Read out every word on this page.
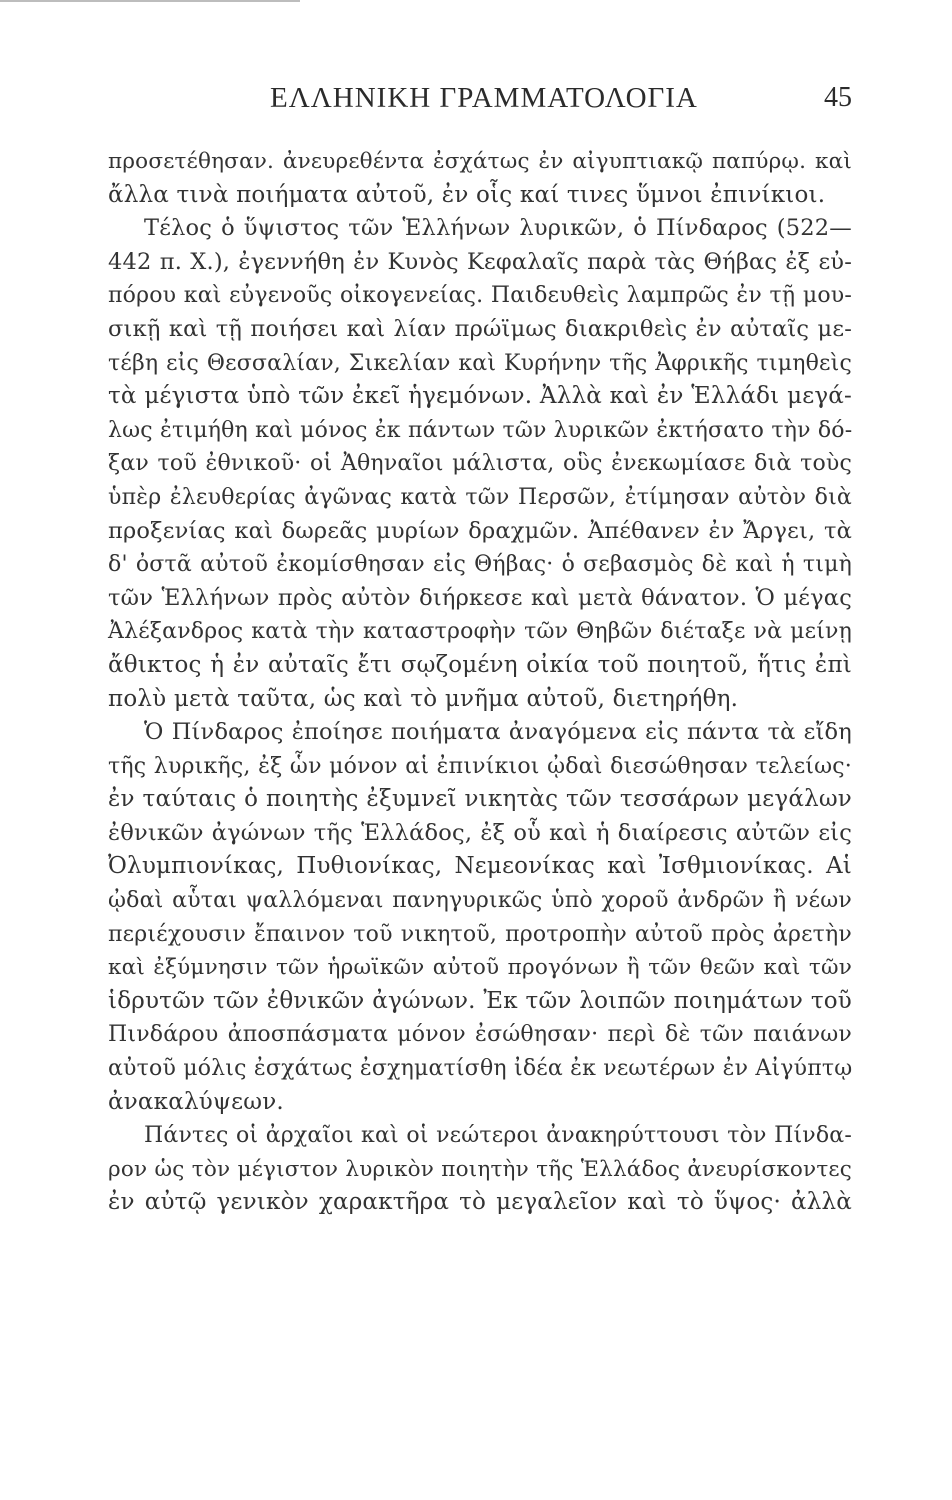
ΕΛΛΗΝΙΚΗ ΓΡΑΜΜΑΤΟΛΟΓΙΑ	45
προσετέθησαν. ἀνευρεθέντα ἐσχάτως ἐν αἰγυπτιακῷ παπύρῳ. καὶ
ἄλλα τινὰ ποιήματα αὐτοῦ, ἐν οἷς καί τινες ὕμνοι ἐπινίκιοι.
Τέλος ὁ ὕψιστος τῶν Ἑλλήνων λυρικῶν, ὁ Πίνδαρος (522—
442 π. Χ.), ἐγεννήθη ἐν Κυνὸς Κεφαλαῖς παρὰ τὰς Θήβας ἐξ εὐ-
πόρου καὶ εὐγενοῦς οἰκογενείας. Παιδευθεὶς λαμπρῶς ἐν τῇ μου-
σικῇ καὶ τῇ ποιήσει καὶ λίαν πρώϊμως διακριθεὶς ἐν αὐταῖς με-
τέβη εἰς Θεσσαλίαν, Σικελίαν καὶ Κυρήνην τῆς Ἀφρικῆς τιμηθεὶς
τὰ μέγιστα ὑπὸ τῶν ἐκεῖ ἡγεμόνων. Ἀλλὰ καὶ ἐν Ἑλλάδι μεγά-
λως ἐτιμήθη καὶ μόνος ἐκ πάντων τῶν λυρικῶν ἐκτήσατο τὴν δό-
ξαν τοῦ ἐθνικοῦ· οἱ Ἀθηναῖοι μάλιστα, οὓς ἐνεκωμίασε διὰ τοὺς
ὑπὲρ ἐλευθερίας ἀγῶνας κατὰ τῶν Περσῶν, ἐτίμησαν αὐτὸν διὰ
προξενίας καὶ δωρεᾶς μυρίων δραχμῶν. Ἀπέθανεν ἐν Ἄργει, τὰ
δ' ὀστᾶ αὐτοῦ ἐκομίσθησαν εἰς Θήβας· ὁ σεβασμὸς δὲ καὶ ἡ τιμὴ
τῶν Ἑλλήνων πρὸς αὐτὸν διήρκεσε καὶ μετὰ θάνατον. Ὁ μέγας
Ἀλέξανδρος κατὰ τὴν καταστροφὴν τῶν Θηβῶν διέταξε νὰ μείνῃ
ἄθικτος ἡ ἐν αὐταῖς ἔτι σῳζομένη οἰκία τοῦ ποιητοῦ, ἥτις ἐπὶ
πολὺ μετὰ ταῦτα, ὡς καὶ τὸ μνῆμα αὐτοῦ, διετηρήθη.
Ὁ Πίνδαρος ἐποίησε ποιήματα ἀναγόμενα εἰς πάντα τὰ εἴδη
τῆς λυρικῆς, ἐξ ὧν μόνον αἱ ἐπινίκιοι ᾠδαὶ διεσώθησαν τελείως·
ἐν ταύταις ὁ ποιητὴς ἐξυμνεῖ νικητὰς τῶν τεσσάρων μεγάλων
ἐθνικῶν ἀγώνων τῆς Ἑλλάδος, ἐξ οὗ καὶ ἡ διαίρεσις αὐτῶν εἰς
Ὀλυμπιονίκας, Πυθιονίκας, Νεμεονίκας καὶ Ἰσθμιονίκας. Αἱ
ᾠδαὶ αὗται ψαλλόμεναι πανηγυρικῶς ὑπὸ χοροῦ ἀνδρῶν ἢ νέων
περιέχουσιν ἔπαινον τοῦ νικητοῦ, προτροπὴν αὐτοῦ πρὸς ἀρετὴν
καὶ ἐξύμνησιν τῶν ἡρωϊκῶν αὐτοῦ προγόνων ἢ τῶν θεῶν καὶ τῶν
ἱδρυτῶν τῶν ἐθνικῶν ἀγώνων. Ἐκ τῶν λοιπῶν ποιημάτων τοῦ
Πινδάρου ἀποσπάσματα μόνον ἐσώθησαν· περὶ δὲ τῶν παιάνων
αὐτοῦ μόλις ἐσχάτως ἐσχηματίσθη ἰδέα ἐκ νεωτέρων ἐν Αἰγύπτῳ
ἀνακαλύψεων.
Πάντες οἱ ἀρχαῖοι καὶ οἱ νεώτεροι ἀνακηρύττουσι τὸν Πίνδα-
ρον ὡς τὸν μέγιστον λυρικὸν ποιητὴν τῆς Ἑλλάδος ἀνευρίσκοντες
ἐν αὐτῷ γενικὸν χαρακτῆρα τὸ μεγαλεῖον καὶ τὸ ὕψος· ἀλλὰ
